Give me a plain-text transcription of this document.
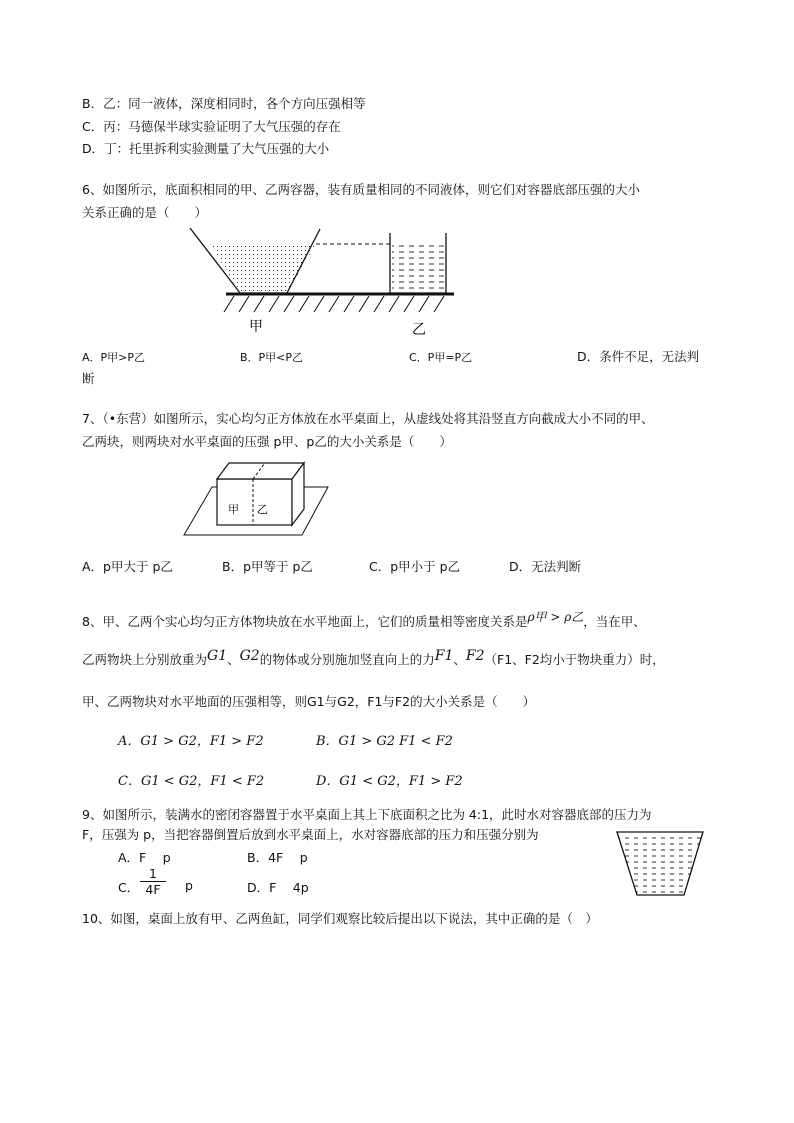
B．乙：同一液体，深度相同时，各个方向压强相等
C．丙：马德保半球实验证明了大气压强的存在
D．丁：托里拆利实验测量了大气压强的大小
6、如图所示，底面积相同的甲、乙两容器，装有质量相同的不同液体，则它们对容器底部压强的大小
关系正确的是（　　）
甲	乙
A．P甲>P乙	B．P甲<P乙	C．P甲=P乙	D．条件不足，无法判
断
7、（•东营）如图所示，实心均匀正方体放在水平桌面上，从虚线处将其沿竖直方向截成大小不同的甲、
乙两块，则两块对水平桌面的压强 p甲、p乙的大小关系是（　　）
甲 乙
A．p甲大于 p乙	B．p甲等于 p乙	C．p甲小于 p乙	D．无法判断
8、甲、乙两个实心均匀正方体物块放在水平地面上，它们的质量相等密度关系是ρ甲 > ρ乙，当在甲、
乙两物块上分别放重为G1、G2的物体或分别施加竖直向上的力F1、F2（F1、F2均小于物块重力）时，
甲、乙两物块对水平地面的压强相等，则G1与G2，F1与F2的大小关系是（　　）
A．G1 > G2，F1 > F2	B．G1 > G2 F1 < F2
C．G1 < G2，F1 < F2	D．G1 < G2，F1 > F2
9、如图所示，装满水的密闭容器置于水平桌面上其上下底面积之比为 4:1，此时水对容器底部的压力为
F，压强为 p，当把容器倒置后放到水平桌面上，水对容器底部的压力和压强分别为
A．F　 p	B．4F　 p
C． $\frac{1}{4F}$ p	D．F　 4p
10、如图，桌面上放有甲、乙两鱼缸，同学们观察比较后提出以下说法，其中正确的是（　）
